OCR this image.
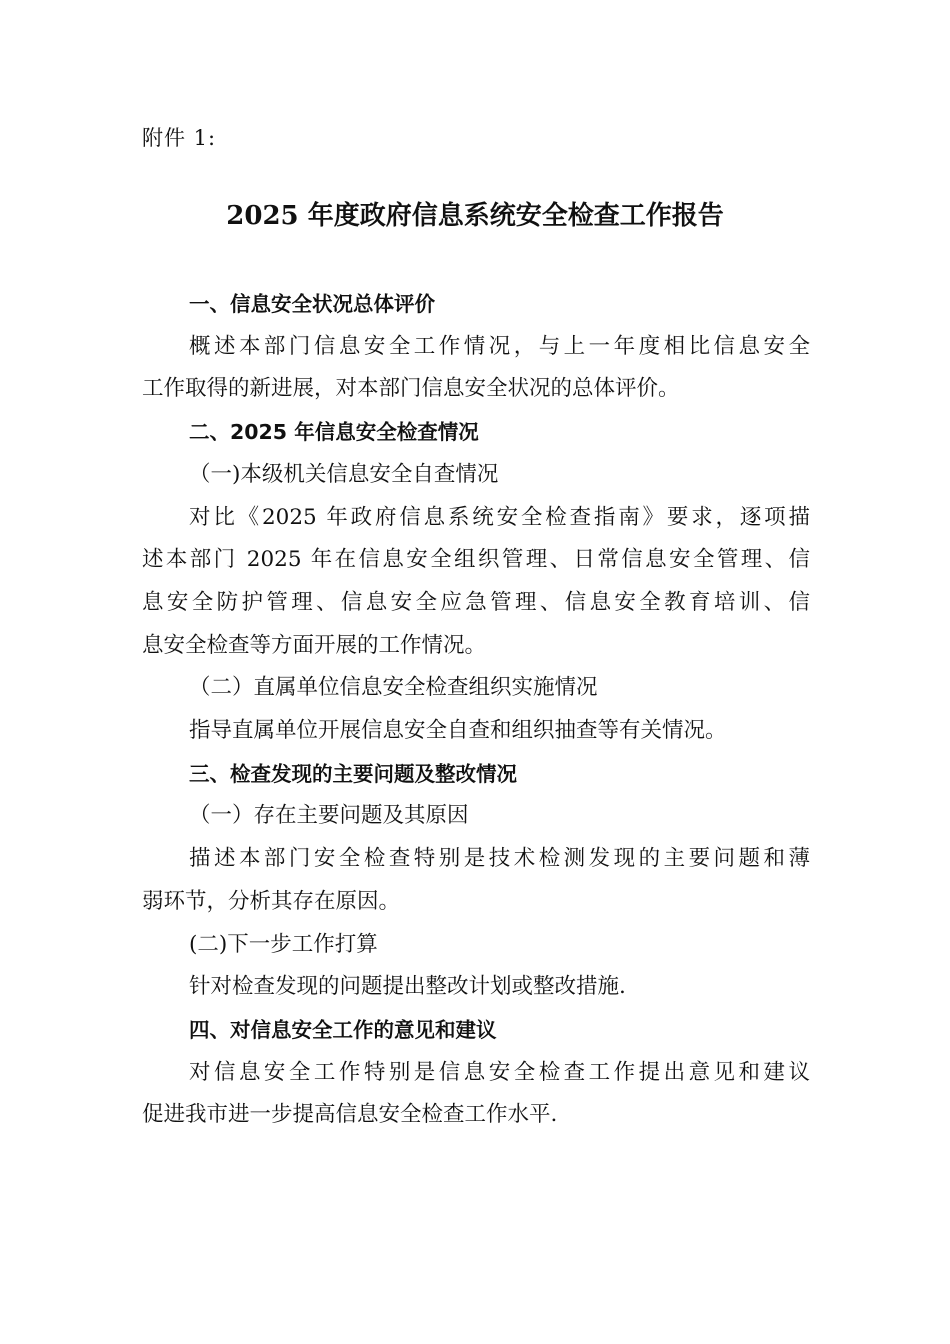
附件 1:
2025 年度政府信息系统安全检查工作报告

一、信息安全状况总体评价

概述本部门信息安全工作情况，与上一年度相比信息安全

工作取得的新进展，对本部门信息安全状况的总体评价。

二、2025 年信息安全检查情况

（一)本级机关信息安全自查情况

对比《2025 年政府信息系统安全检查指南》要求，逐项描

述本部门 2025 年在信息安全组织管理、日常信息安全管理、信

息安全防护管理、信息安全应急管理、信息安全教育培训、信

息安全检查等方面开展的工作情况。

（二）直属单位信息安全检查组织实施情况

指导直属单位开展信息安全自查和组织抽查等有关情况。

三、检查发现的主要问题及整改情况

（一）存在主要问题及其原因

描述本部门安全检查特别是技术检测发现的主要问题和薄

弱环节，分析其存在原因。

(二)下一步工作打算

针对检查发现的问题提出整改计划或整改措施.

四、对信息安全工作的意见和建议

对信息安全工作特别是信息安全检查工作提出意见和建议

促进我市进一步提高信息安全检查工作水平.
